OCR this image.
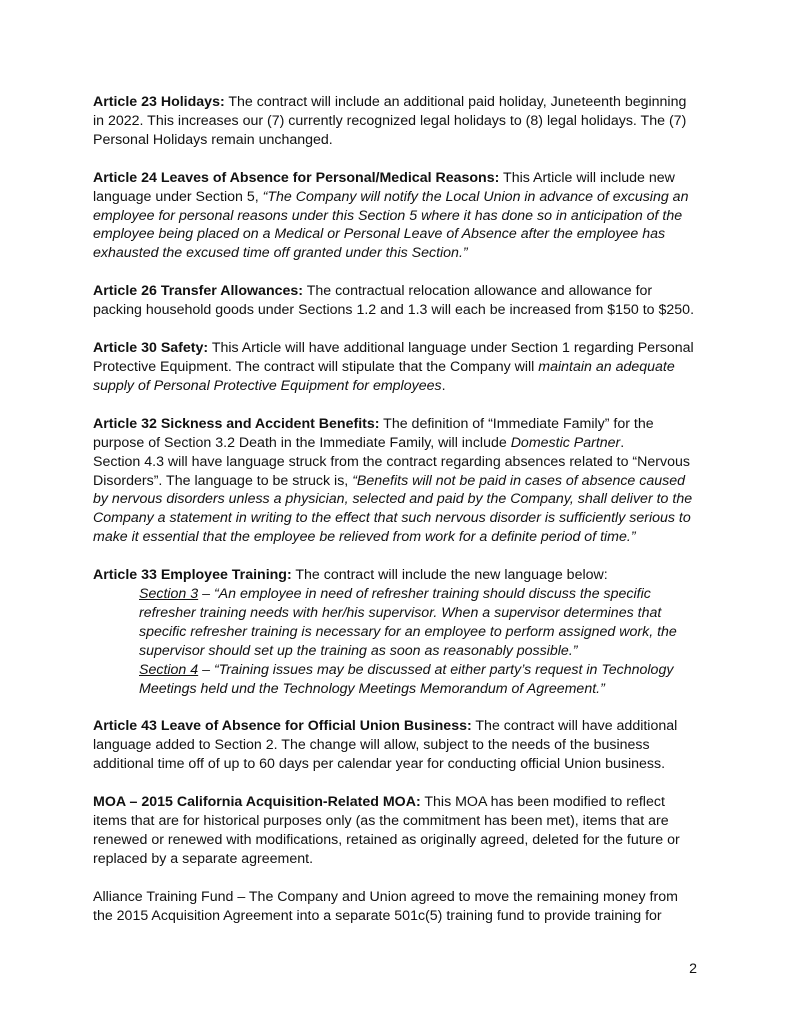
Article 23 Holidays: The contract will include an additional paid holiday, Juneteenth beginning in 2022. This increases our (7) currently recognized legal holidays to (8) legal holidays. The (7) Personal Holidays remain unchanged.

Article 24 Leaves of Absence for Personal/Medical Reasons: This Article will include new language under Section 5, “The Company will notify the Local Union in advance of excusing an employee for personal reasons under this Section 5 where it has done so in anticipation of the employee being placed on a Medical or Personal Leave of Absence after the employee has exhausted the excused time off granted under this Section.”

Article 26 Transfer Allowances: The contractual relocation allowance and allowance for packing household goods under Sections 1.2 and 1.3 will each be increased from $150 to $250.

Article 30 Safety: This Article will have additional language under Section 1 regarding Personal Protective Equipment. The contract will stipulate that the Company will maintain an adequate supply of Personal Protective Equipment for employees.

Article 32 Sickness and Accident Benefits: The definition of “Immediate Family” for the purpose of Section 3.2 Death in the Immediate Family, will include Domestic Partner.
Section 4.3 will have language struck from the contract regarding absences related to “Nervous Disorders”. The language to be struck is, “Benefits will not be paid in cases of absence caused by nervous disorders unless a physician, selected and paid by the Company, shall deliver to the Company a statement in writing to the effect that such nervous disorder is sufficiently serious to make it essential that the employee be relieved from work for a definite period of time.”

Article 33 Employee Training: The contract will include the new language below:
Section 3 – “An employee in need of refresher training should discuss the specific refresher training needs with her/his supervisor. When a supervisor determines that specific refresher training is necessary for an employee to perform assigned work, the supervisor should set up the training as soon as reasonably possible.”
Section 4 – “Training issues may be discussed at either party’s request in Technology Meetings held und the Technology Meetings Memorandum of Agreement.”

Article 43 Leave of Absence for Official Union Business: The contract will have additional language added to Section 2. The change will allow, subject to the needs of the business additional time off of up to 60 days per calendar year for conducting official Union business.

MOA – 2015 California Acquisition-Related MOA: This MOA has been modified to reflect items that are for historical purposes only (as the commitment has been met), items that are renewed or renewed with modifications, retained as originally agreed, deleted for the future or replaced by a separate agreement.

Alliance Training Fund – The Company and Union agreed to move the remaining money from the 2015 Acquisition Agreement into a separate 501c(5) training fund to provide training for

2
